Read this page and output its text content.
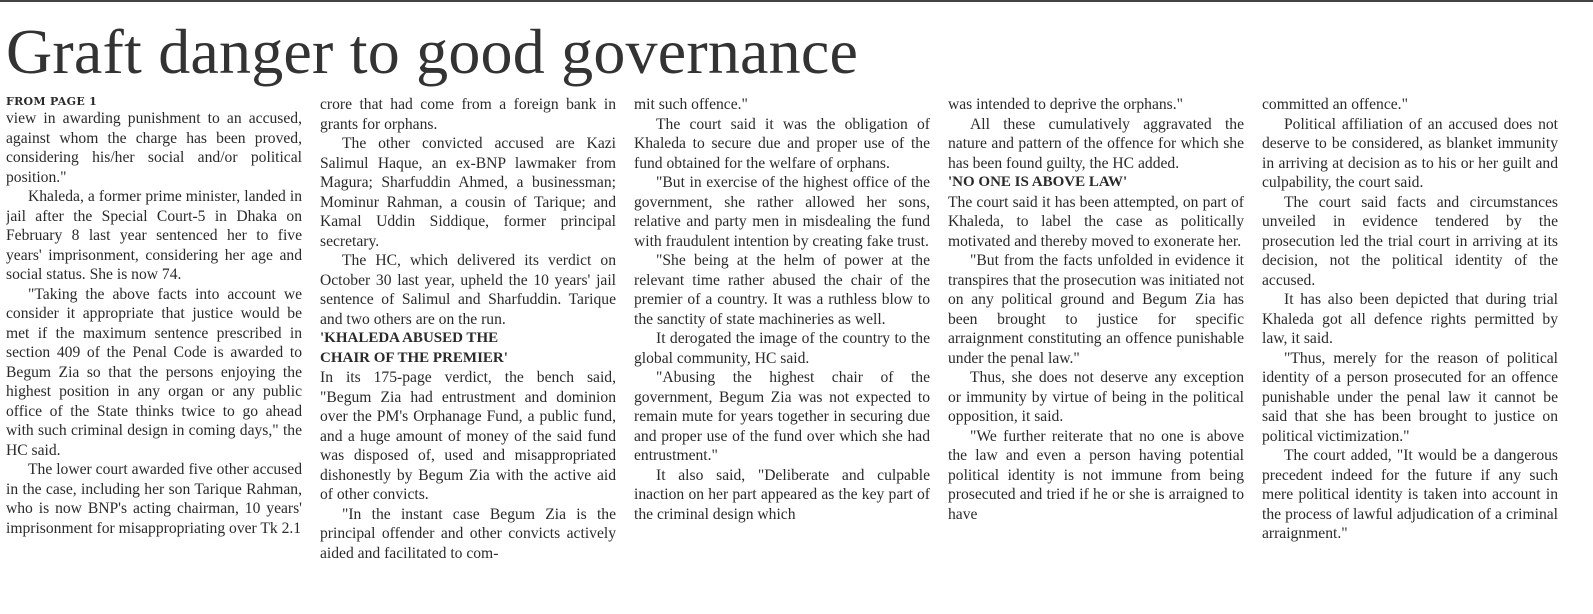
Graft danger to good governance
FROM PAGE 1

view in awarding punishment to an accused, against whom the charge has been proved, considering his/her social and/or political position."

Khaleda, a former prime minister, landed in jail after the Special Court-5 in Dhaka on February 8 last year sentenced her to five years' imprisonment, considering her age and social status. She is now 74.

"Taking the above facts into account we consider it appropriate that justice would be met if the maximum sentence prescribed in section 409 of the Penal Code is awarded to Begum Zia so that the persons enjoying the highest position in any organ or any public office of the State thinks twice to go ahead with such criminal design in coming days," the HC said.

The lower court awarded five other accused in the case, including her son Tarique Rahman, who is now BNP's acting chairman, 10 years' imprisonment for misappropriating over Tk 2.1

crore that had come from a foreign bank in grants for orphans.

The other convicted accused are Kazi Salimul Haque, an ex-BNP lawmaker from Magura; Sharfuddin Ahmed, a businessman; Mominur Rahman, a cousin of Tarique; and Kamal Uddin Siddique, former principal secretary.

The HC, which delivered its verdict on October 30 last year, upheld the 10 years' jail sentence of Salimul and Sharfuddin. Tarique and two others are on the run.

'KHALEDA ABUSED THE
CHAIR OF THE PREMIER'

In its 175-page verdict, the bench said, "Begum Zia had entrustment and dominion over the PM's Orphanage Fund, a public fund, and a huge amount of money of the said fund was disposed of, used and misappropriated dishonestly by Begum Zia with the active aid of other convicts.

"In the instant case Begum Zia is the principal offender and other convicts actively aided and facilitated to com-

mit such offence."

The court said it was the obligation of Khaleda to secure due and proper use of the fund obtained for the welfare of orphans.

"But in exercise of the highest office of the government, she rather allowed her sons, relative and party men in misdealing the fund with fraudulent intention by creating fake trust.

"She being at the helm of power at the relevant time rather abused the chair of the premier of a country. It was a ruthless blow to the sanctity of state machineries as well.

It derogated the image of the country to the global community, HC said.

"Abusing the highest chair of the government, Begum Zia was not expected to remain mute for years together in securing due and proper use of the fund over which she had entrustment."

It also said, "Deliberate and culpable inaction on her part appeared as the key part of the criminal design which

was intended to deprive the orphans."

All these cumulatively aggravated the nature and pattern of the offence for which she has been found guilty, the HC added.

'NO ONE IS ABOVE LAW'

The court said it has been attempted, on part of Khaleda, to label the case as politically motivated and thereby moved to exonerate her.

"But from the facts unfolded in evidence it transpires that the prosecution was initiated not on any political ground and Begum Zia has been brought to justice for specific arraignment constituting an offence punishable under the penal law."

Thus, she does not deserve any exception or immunity by virtue of being in the political opposition, it said.

"We further reiterate that no one is above the law and even a person having potential political identity is not immune from being prosecuted and tried if he or she is arraigned to have

committed an offence."

Political affiliation of an accused does not deserve to be considered, as blanket immunity in arriving at decision as to his or her guilt and culpability, the court said.

The court said facts and circumstances unveiled in evidence tendered by the prosecution led the trial court in arriving at its decision, not the political identity of the accused.

It has also been depicted that during trial Khaleda got all defence rights permitted by law, it said.

"Thus, merely for the reason of political identity of a person prosecuted for an offence punishable under the penal law it cannot be said that she has been brought to justice on political victimization."

The court added, "It would be a dangerous precedent indeed for the future if any such mere political identity is taken into account in the process of lawful adjudication of a criminal arraignment."
